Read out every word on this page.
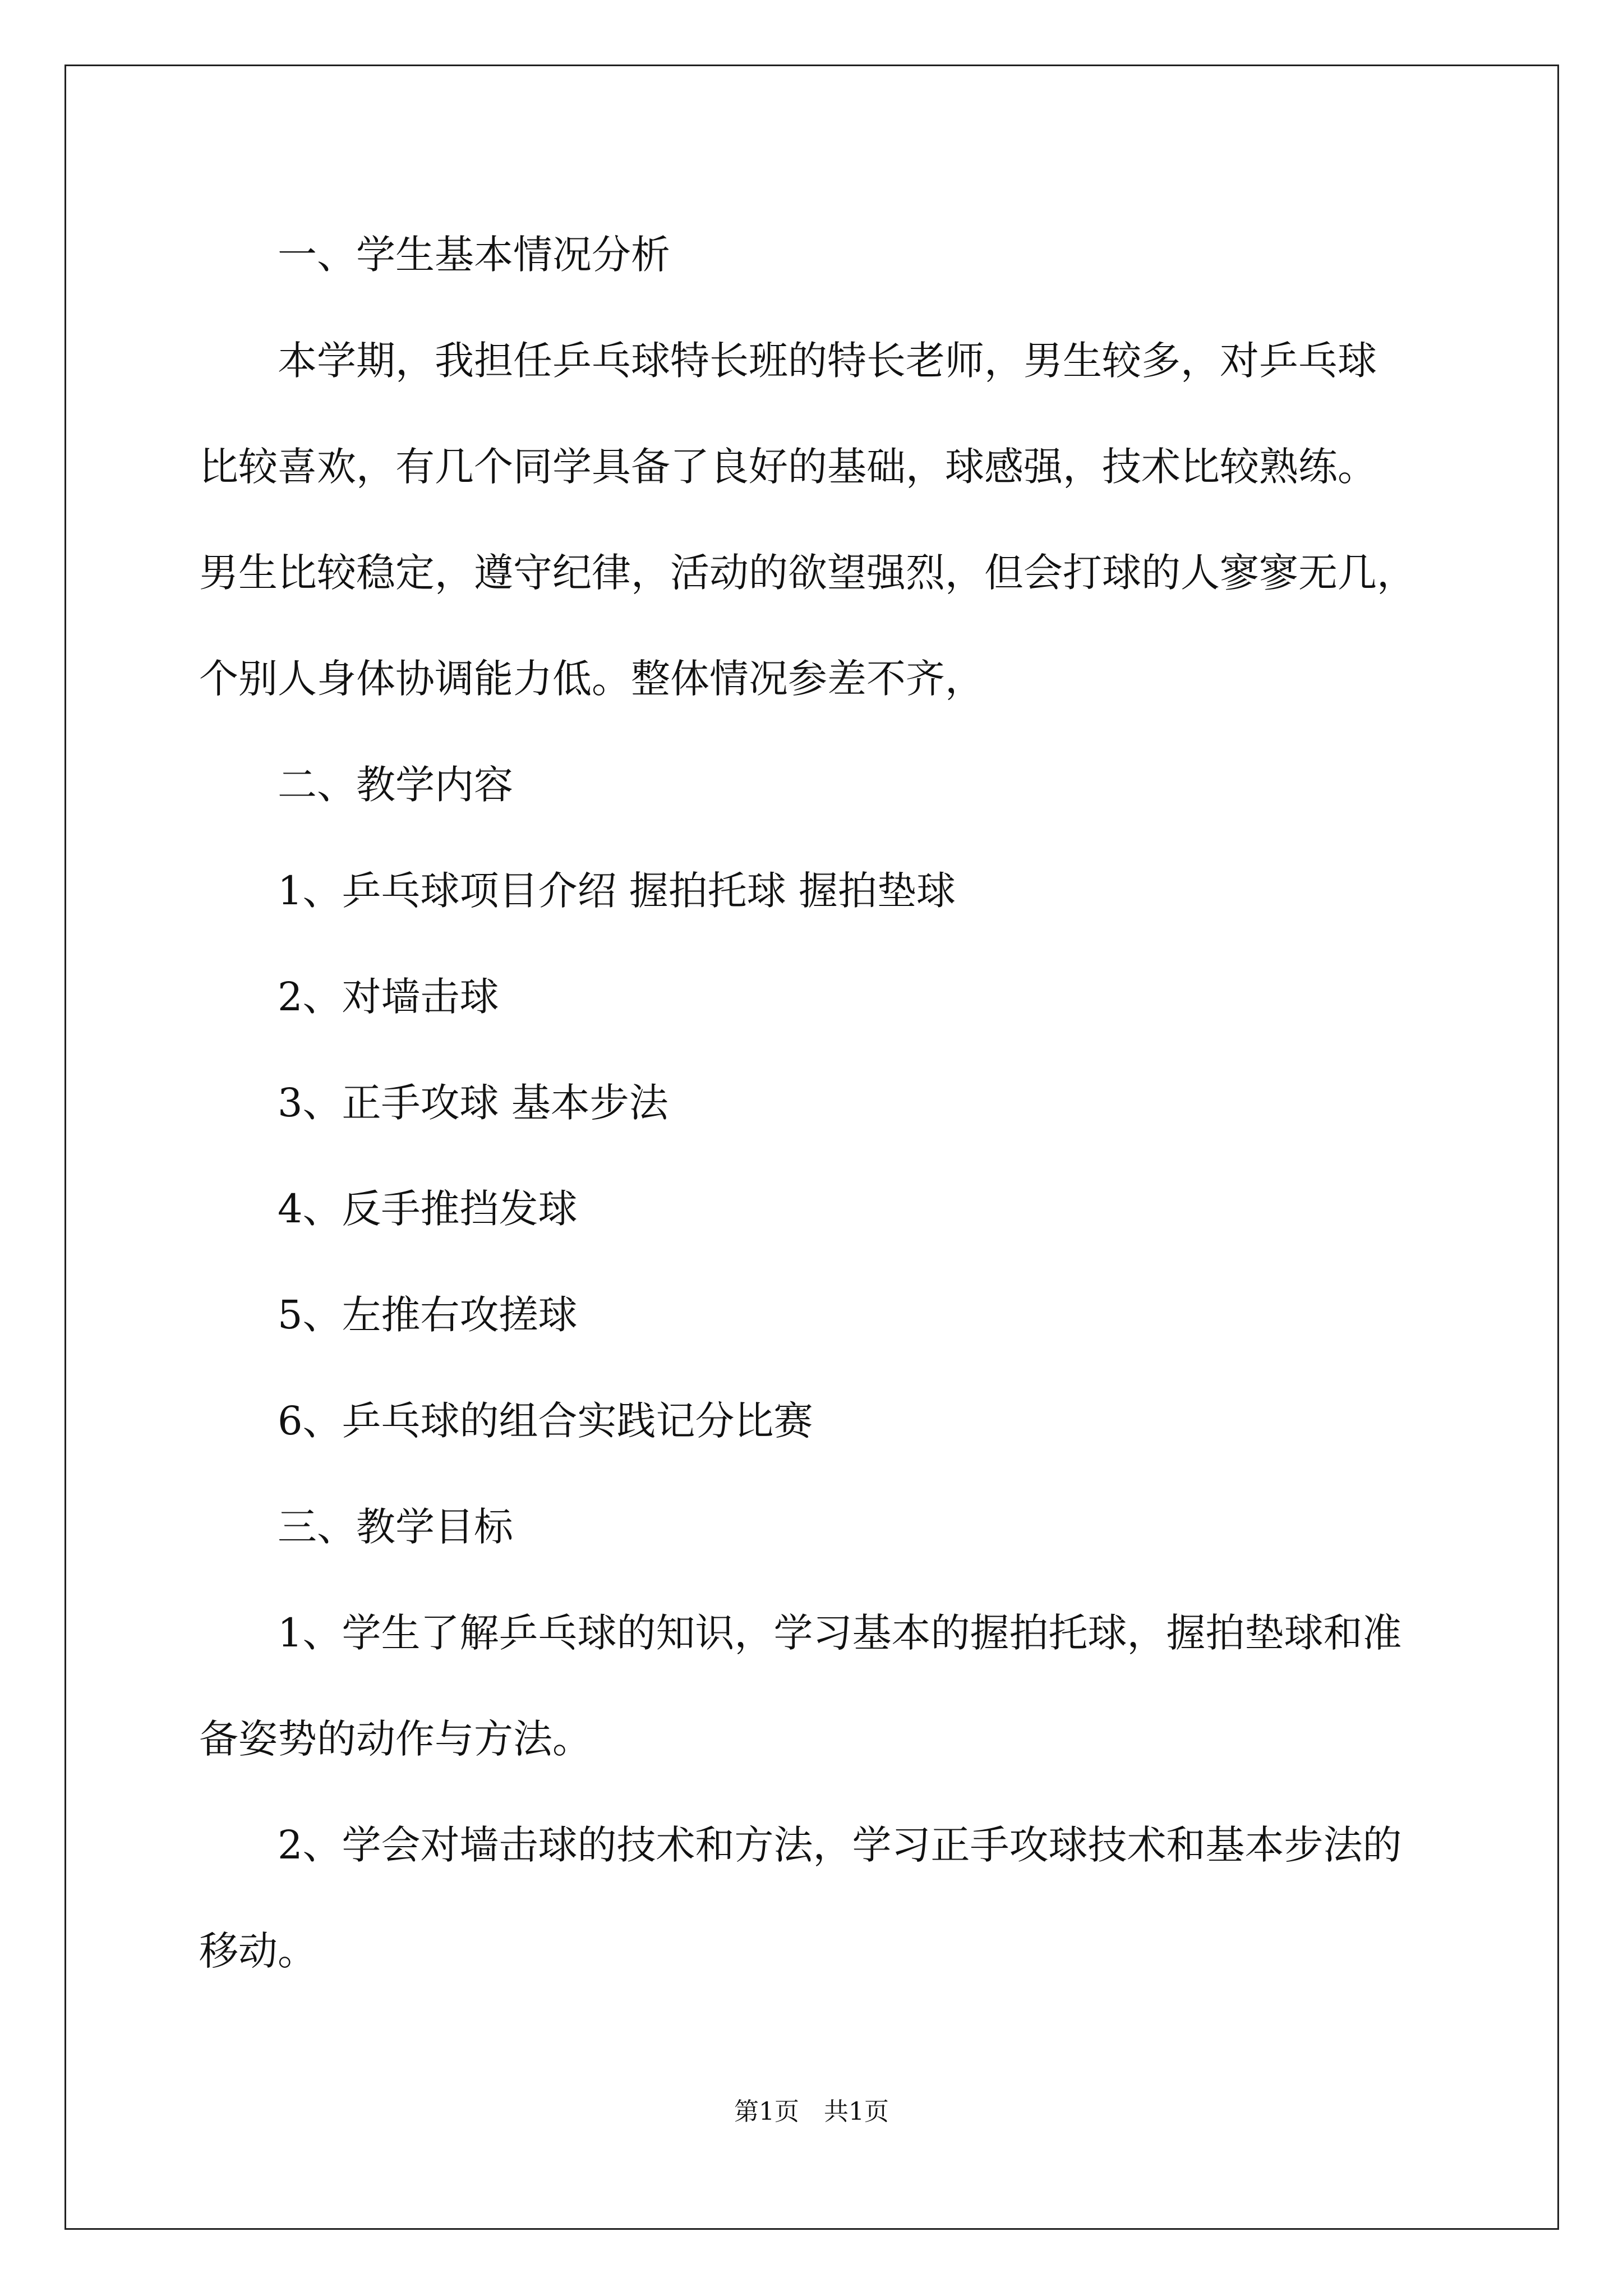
一、学生基本情况分析

本学期，我担任乒乓球特长班的特长老师，男生较多，对乒乓球

比较喜欢，有几个同学具备了良好的基础，球感强，技术比较熟练。

男生比较稳定，遵守纪律，活动的欲望强烈，但会打球的人寥寥无几，

个别人身体协调能力低。整体情况参差不齐，

二、教学内容

1、乒乓球项目介绍 握拍托球 握拍垫球

2、对墙击球

3、正手攻球 基本步法

4、反手推挡发球

5、左推右攻搓球

6、乒乓球的组合实践记分比赛

三、教学目标

1、学生了解乒乓球的知识，学习基本的握拍托球，握拍垫球和准

备姿势的动作与方法。

2、学会对墙击球的技术和方法，学习正手攻球技术和基本步法的

移动。

第1页　共1页
